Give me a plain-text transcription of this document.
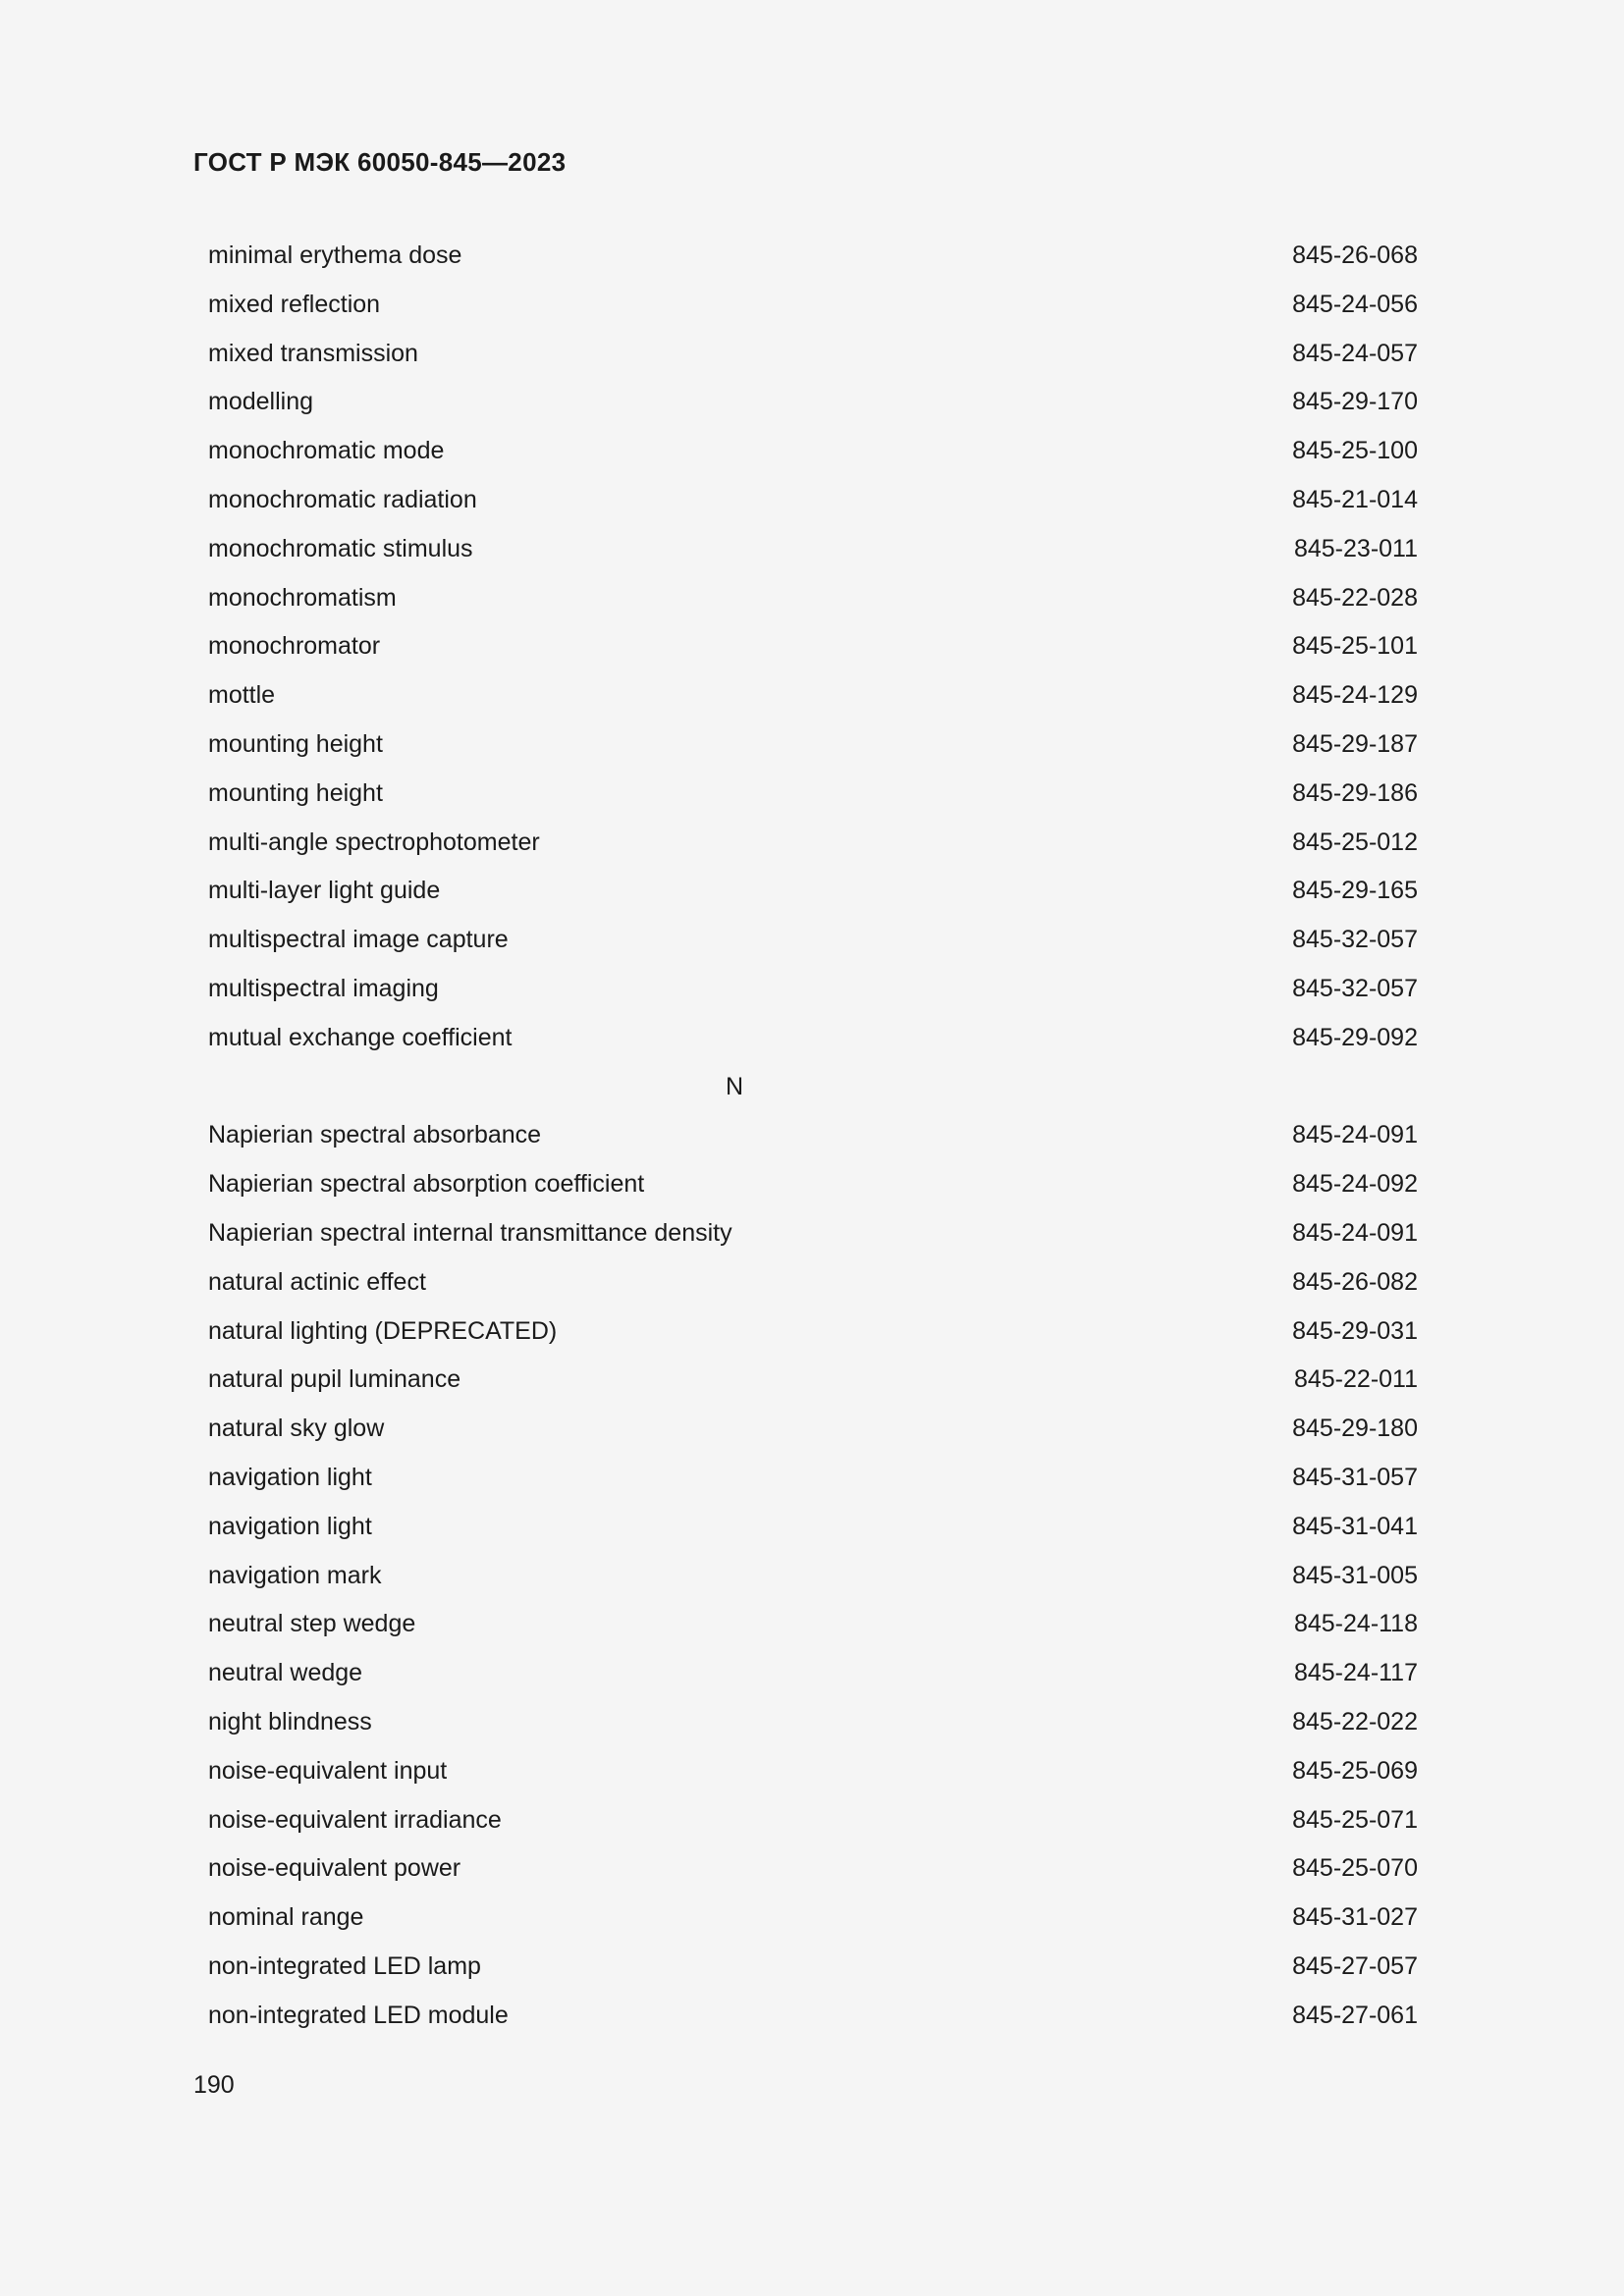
ГОСТ Р МЭК 60050-845—2023
minimal erythema dose	845-26-068
mixed reflection	845-24-056
mixed transmission	845-24-057
modelling	845-29-170
monochromatic mode	845-25-100
monochromatic radiation	845-21-014
monochromatic stimulus	845-23-011
monochromatism	845-22-028
monochromator	845-25-101
mottle	845-24-129
mounting height	845-29-187
mounting height	845-29-186
multi-angle spectrophotometer	845-25-012
multi-layer light guide	845-29-165
multispectral image capture	845-32-057
multispectral imaging	845-32-057
mutual exchange coefficient	845-29-092
N
Napierian spectral absorbance	845-24-091
Napierian spectral absorption coefficient	845-24-092
Napierian spectral internal transmittance density	845-24-091
natural actinic effect	845-26-082
natural lighting (DEPRECATED)	845-29-031
natural pupil luminance	845-22-011
natural sky glow	845-29-180
navigation light	845-31-057
navigation light	845-31-041
navigation mark	845-31-005
neutral step wedge	845-24-118
neutral wedge	845-24-117
night blindness	845-22-022
noise-equivalent input	845-25-069
noise-equivalent irradiance	845-25-071
noise-equivalent power	845-25-070
nominal range	845-31-027
non-integrated LED lamp	845-27-057
non-integrated LED module	845-27-061
190
